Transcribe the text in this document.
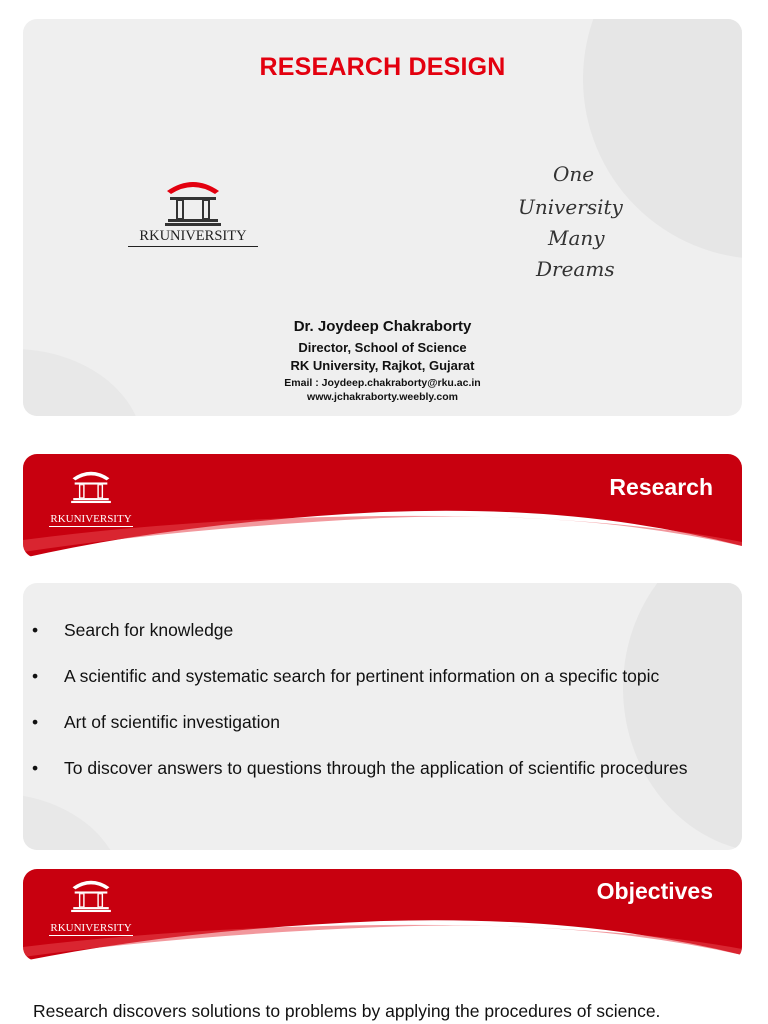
RESEARCH DESIGN
RKUNIVERSITY
One
University
Many
Dreams
Dr. Joydeep Chakraborty
Director, School of Science
RK University, Rajkot, Gujarat
Email : Joydeep.chakraborty@rku.ac.in
www.jchakraborty.weebly.com
RKUNIVERSITY
Research
• Search for knowledge
• A scientific and systematic search for pertinent information on a specific topic
• Art of scientific investigation
• To discover answers to questions through the application of scientific procedures
RKUNIVERSITY
Objectives
Research discovers solutions to problems by applying the procedures of science.
